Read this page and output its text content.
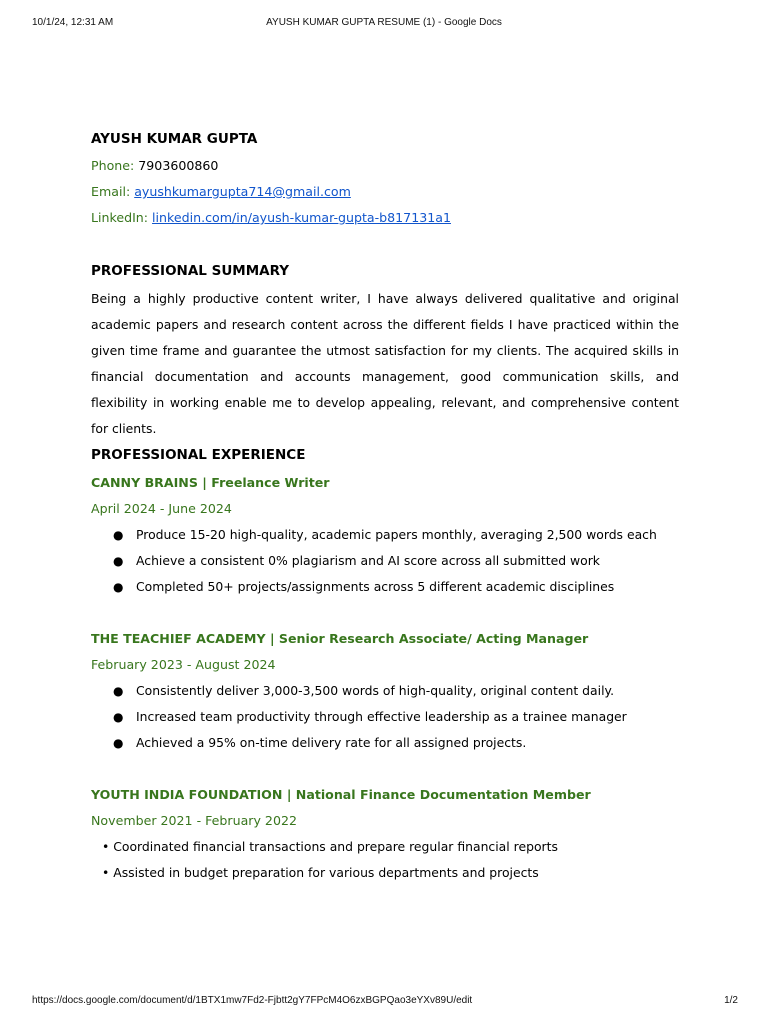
10/1/24, 12:31 AM	AYUSH KUMAR GUPTA RESUME (1) - Google Docs
AYUSH KUMAR GUPTA
Phone: 7903600860
Email: ayushkumargupta714@gmail.com
LinkedIn: linkedin.com/in/ayush-kumar-gupta-b817131a1
PROFESSIONAL SUMMARY
Being a highly productive content writer, I have always delivered qualitative and original academic papers and research content across the different fields I have practiced within the given time frame and guarantee the utmost satisfaction for my clients. The acquired skills in financial documentation and accounts management, good communication skills, and flexibility in working enable me to develop appealing, relevant, and comprehensive content for clients.
PROFESSIONAL EXPERIENCE
CANNY BRAINS | Freelance Writer
April 2024 - June 2024
● Produce 15-20 high-quality, academic papers monthly, averaging 2,500 words each
● Achieve a consistent 0% plagiarism and AI score across all submitted work
● Completed 50+ projects/assignments across 5 different academic disciplines
THE TEACHIEF ACADEMY | Senior Research Associate/ Acting Manager
February 2023 - August 2024
● Consistently deliver 3,000-3,500 words of high-quality, original content daily.
● Increased team productivity through effective leadership as a trainee manager
● Achieved a 95% on-time delivery rate for all assigned projects.
YOUTH INDIA FOUNDATION | National Finance Documentation Member
November 2021 - February 2022
• Coordinated financial transactions and prepare regular financial reports
• Assisted in budget preparation for various departments and projects
https://docs.google.com/document/d/1BTX1mw7Fd2-Fjbtt2gY7FPcM4O6zxBGPQao3eYXv89U/edit	1/2
